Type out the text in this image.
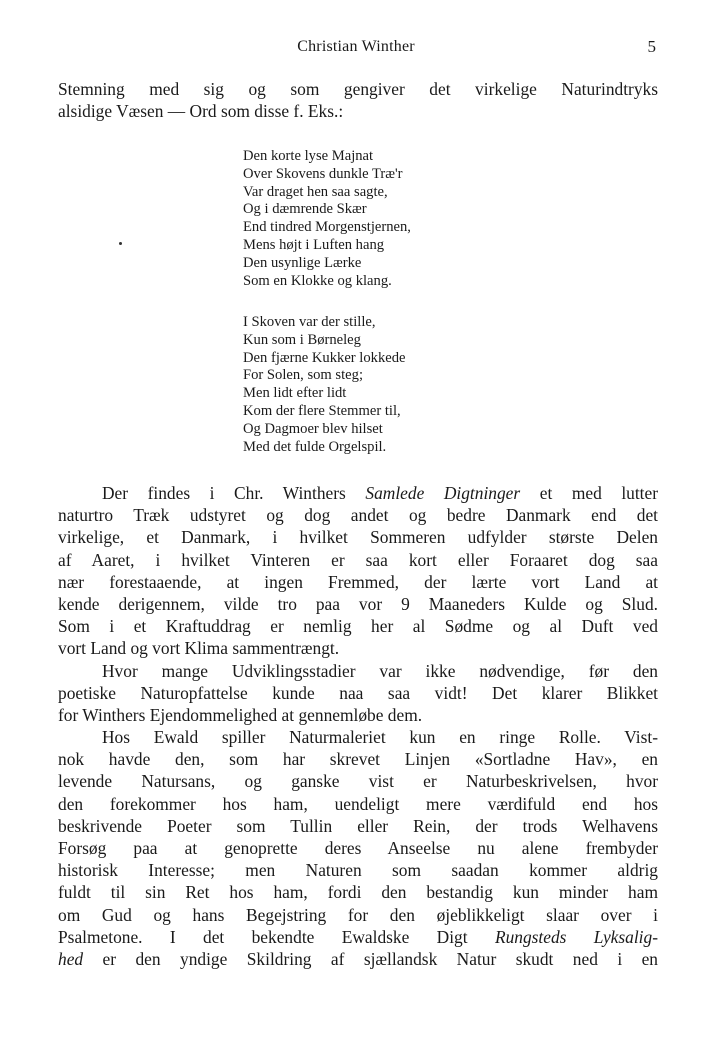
Christian Winther	5
Stemning med sig og som gengiver det virkelige Naturindtryks
alsidige Væsen — Ord som disse f. Eks.:
Den korte lyse Majnat
Over Skovens dunkle Træ'r
Var draget hen saa sagte,
Og i dæmrende Skær
End tindred Morgenstjernen,
Mens højt i Luften hang
Den usynlige Lærke
Som en Klokke og klang.
I Skoven var der stille,
Kun som i Børneleg
Den fjærne Kukker lokkede
For Solen, som steg;
Men lidt efter lidt
Kom der flere Stemmer til,
Og Dagmoer blev hilset
Med det fulde Orgelspil.
Der findes i Chr. Winthers Samlede Digtninger et med lutter
naturtro Træk udstyret og dog andet og bedre Danmark end det
virkelige, et Danmark, i hvilket Sommeren udfylder største Delen
af Aaret, i hvilket Vinteren er saa kort eller Foraaret dog saa
nær forestaaende, at ingen Fremmed, der lærte vort Land at
kende derigennem, vilde tro paa vor 9 Maaneders Kulde og Slud.
Som i et Kraftuddrag er nemlig her al Sødme og al Duft ved
vort Land og vort Klima sammentrængt.
Hvor mange Udviklingsstadier var ikke nødvendige, før den
poetiske Naturopfattelse kunde naa saa vidt! Det klarer Blikket
for Winthers Ejendommelighed at gennemløbe dem.
Hos Ewald spiller Naturmaleriet kun en ringe Rolle. Vist-
nok havde den, som har skrevet Linjen «Sortladne Hav», en
levende Natursans, og ganske vist er Naturbeskrivelsen, hvor
den forekommer hos ham, uendeligt mere værdifuld end hos
beskrivende Poeter som Tullin eller Rein, der trods Welhavens
Forsøg paa at genoprette deres Anseelse nu alene frembyder
historisk Interesse; men Naturen som saadan kommer aldrig
fuldt til sin Ret hos ham, fordi den bestandig kun minder ham
om Gud og hans Begejstring for den øjeblikkeligt slaar over i
Psalmetone. I det bekendte Ewaldske Digt Rungsteds Lyksalig-
hed er den yndige Skildring af sjællandsk Natur skudt ned i en
